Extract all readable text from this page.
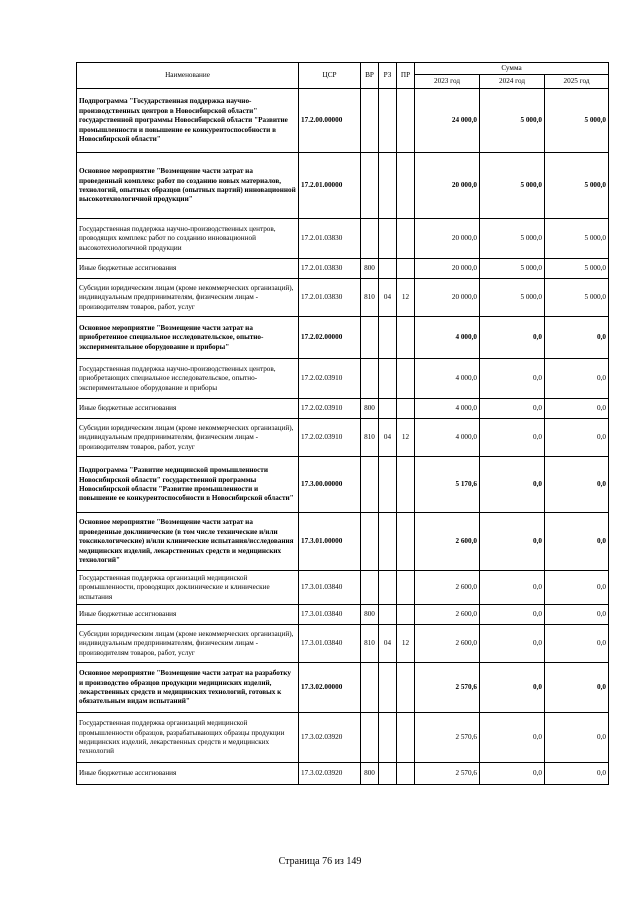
Наименование	ЦСР	ВР	РЗ	ПР	Сумма		
					2023 год	2024 год	2025 год
Подпрограмма "Государственная поддержка научно-производственных центров в Новосибирской области" государственной программы Новосибирской области "Развитие промышленности и повышение ее конкурентоспособности в Новосибирской области"	17.2.00.00000				24 000,0	5 000,0	5 000,0
Основное мероприятие "Возмещение части затрат на проведенный комплекс работ по созданию новых материалов, технологий, опытных образцов (опытных партий) инновационной высокотехнологичной продукции"	17.2.01.00000				20 000,0	5 000,0	5 000,0
Государственная поддержка научно-производственных центров, проводящих комплекс работ по созданию инновационной высокотехнологичной продукции	17.2.01.03830				20 000,0	5 000,0	5 000,0
Иные бюджетные ассигнования	17.2.01.03830	800			20 000,0	5 000,0	5 000,0
Субсидии юридическим лицам (кроме некоммерческих организаций), индивидуальным предпринимателям, физическим лицам - производителям товаров, работ, услуг	17.2.01.03830	810	04	12	20 000,0	5 000,0	5 000,0
Основное мероприятие "Возмещение части затрат на приобретенное специальное исследовательское, опытно-экспериментальное оборудование и приборы"	17.2.02.00000				4 000,0	0,0	0,0
Государственная поддержка научно-производственных центров, приобретающих специальное исследовательское, опытно-экспериментальное оборудование и приборы	17.2.02.03910				4 000,0	0,0	0,0
Иные бюджетные ассигнования	17.2.02.03910	800			4 000,0	0,0	0,0
Субсидии юридическим лицам (кроме некоммерческих организаций), индивидуальным предпринимателям, физическим лицам - производителям товаров, работ, услуг	17.2.02.03910	810	04	12	4 000,0	0,0	0,0
Подпрограмма "Развитие медицинской промышленности Новосибирской области" государственной программы Новосибирской области "Развитие промышленности и повышение ее конкурентоспособности в Новосибирской области"	17.3.00.00000				5 170,6	0,0	0,0
Основное мероприятие "Возмещение части затрат на проведенные доклинические (в том числе технические и/или токсикологические) и/или клинические испытания/исследования медицинских изделий, лекарственных средств и медицинских технологий"	17.3.01.00000				2 600,0	0,0	0,0
Государственная поддержка организаций медицинской промышленности, проводящих доклинические и клинические испытания	17.3.01.03840				2 600,0	0,0	0,0
Иные бюджетные ассигнования	17.3.01.03840	800			2 600,0	0,0	0,0
Субсидии юридическим лицам (кроме некоммерческих организаций), индивидуальным предпринимателям, физическим лицам - производителям товаров, работ, услуг	17.3.01.03840	810	04	12	2 600,0	0,0	0,0
Основное мероприятие "Возмещение части затрат на разработку и производство образцов продукции медицинских изделий, лекарственных средств и медицинских технологий, готовых к обязательным видам испытаний"	17.3.02.00000				2 570,6	0,0	0,0
Государственная поддержка организаций медицинской промышленности образцов, разрабатывающих образцы продукции медицинских изделий, лекарственных средств и медицинских технологий	17.3.02.03920				2 570,6	0,0	0,0
Иные бюджетные ассигнования	17.3.02.03920	800			2 570,6	0,0	0,0
Страница 76 из 149
